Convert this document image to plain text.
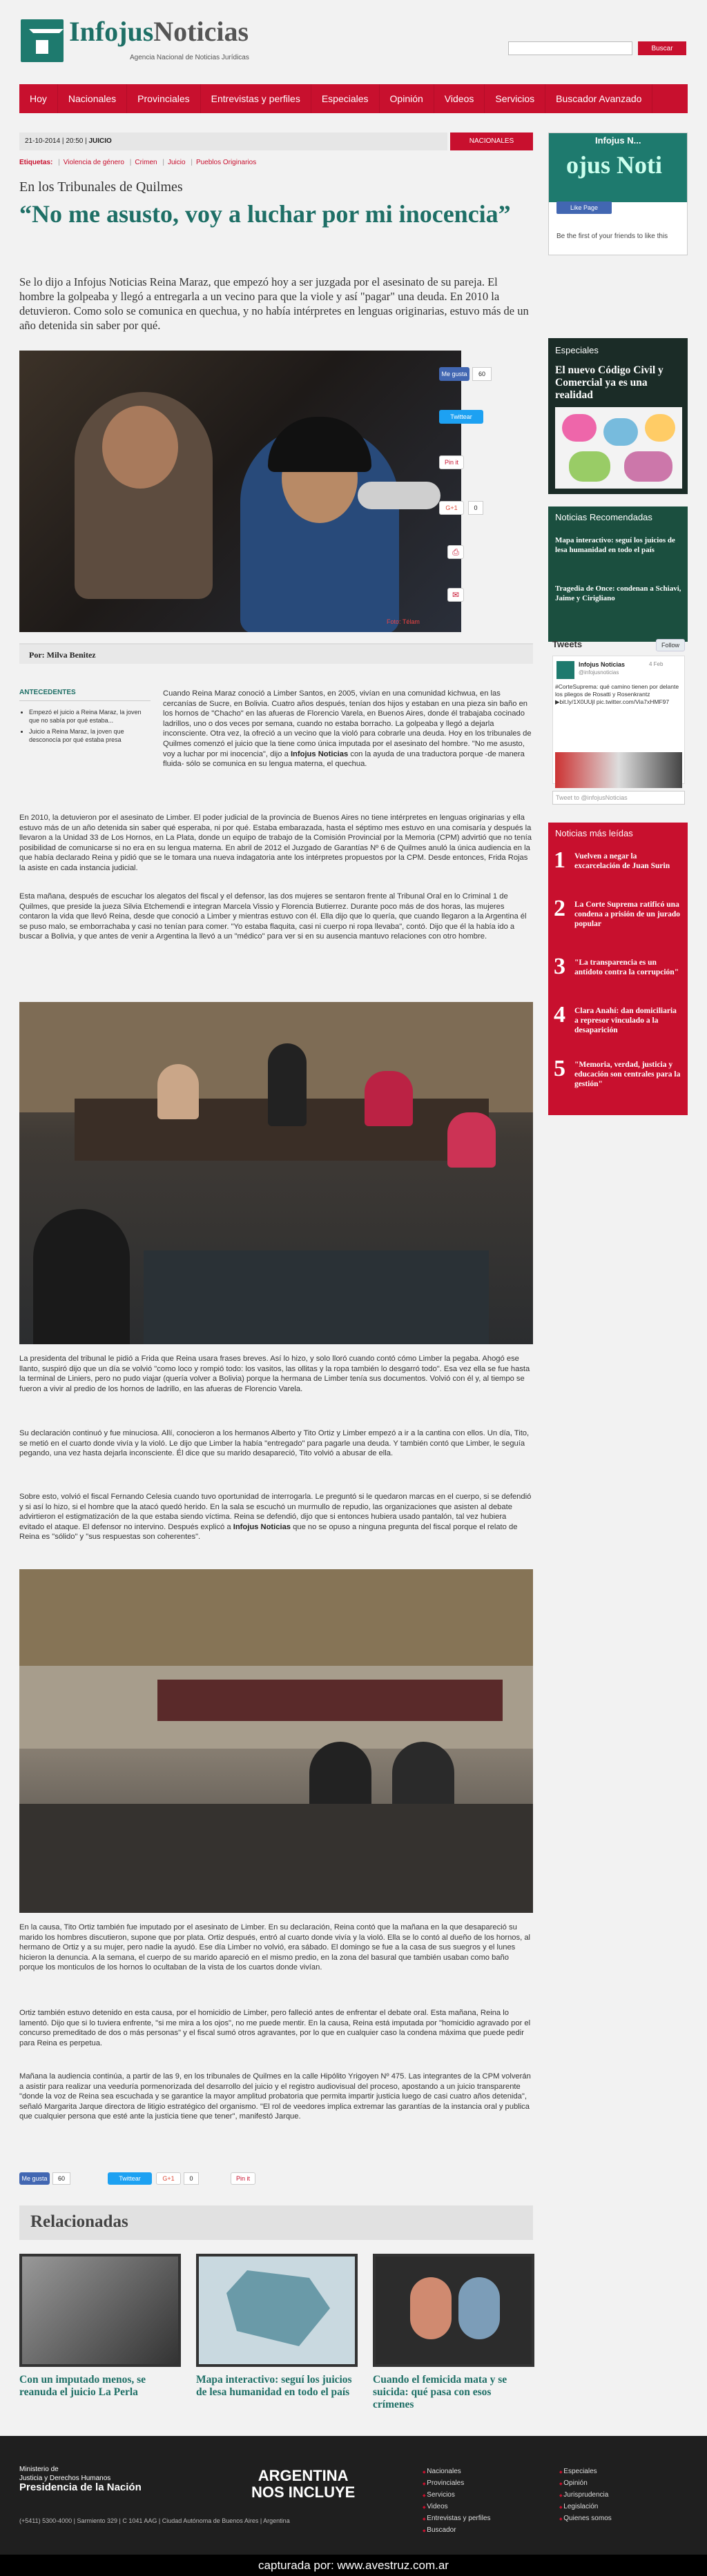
InfojusNoticias
Agencia Nacional de Noticias Jurídicas
Buscar
Hoy	Nacionales	Provinciales	Entrevistas y perfiles	Especiales	Opinión	Videos	Servicios	Buscador Avanzado
21-10-2014 | 20:50 | JUICIO	NACIONALES
Etiquetas: | Violencia de género | Crimen | Juicio | Pueblos Originarios
En los Tribunales de Quilmes
“No me asusto, voy a luchar por mi inocencia”
Se lo dijo a Infojus Noticias Reina Maraz, que empezó hoy a ser juzgada por el asesinato de su pareja. El hombre la golpeaba y llegó a entregarla a un vecino para que la viole y así "pagar" una deuda. En 2010 la detuvieron. Como solo se comunica en quechua, y no había intérpretes en lenguas originarias, estuvo más de un año detenida sin saber por qué.
Foto: Télam
Por: Milva Benitez
Me gusta	60
Twittear
Pin it
G+1	0
⎙
✉
ANTECEDENTES
• Empezó el juicio a Reina Maraz, la joven que no sabía por qué estaba...
• Juicio a Reina Maraz, la joven que desconocía por qué estaba presa
Cuando Reina Maraz conoció a Limber Santos, en 2005, vivían en una comunidad kichwua, en las cercanías de Sucre, en Bolivia. Cuatro años después, tenían dos hijos y estaban en una pieza sin baño en los hornos de "Chacho" en las afueras de Florencio Varela, en Buenos Aires, donde él trabajaba cocinado ladrillos, uno o dos veces por semana, cuando no estaba borracho. La golpeaba y llegó a dejarla inconsciente. Otra vez, la ofreció a un vecino que la violó para cobrarle una deuda. Hoy en los tribunales de Quilmes comenzó el juicio que la tiene como única imputada por el asesinato del hombre. "No me asusto, voy a luchar por mi inocencia", dijo a Infojus Noticias con la ayuda de una traductora porque -de manera fluida- sólo se comunica en su lengua materna, el quechua.
En 2010, la detuvieron por el asesinato de Limber. El poder judicial de la provincia de Buenos Aires no tiene intérpretes en lenguas originarias y ella estuvo más de un año detenida sin saber qué esperaba, ni por qué. Estaba embarazada, hasta el séptimo mes estuvo en una comisaría y después la llevaron a la Unidad 33 de Los Hornos, en La Plata, donde un equipo de trabajo de la Comisión Provincial por la Memoria (CPM) advirtió que no tenía posibilidad de comunicarse si no era en su lengua materna. En abril de 2012 el Juzgado de Garantías Nº 6 de Quilmes anuló la única audiencia en la que había declarado Reina y pidió que se le tomara una nueva indagatoria ante los intérpretes propuestos por la CPM. Desde entonces, Frida Rojas la asiste en cada instancia judicial.
Esta mañana, después de escuchar los alegatos del fiscal y el defensor, las dos mujeres se sentaron frente al Tribunal Oral en lo Criminal 1 de Quilmes, que preside la jueza Silvia Etchemendi e integran Marcela Vissio y Florencia Butierrez. Durante poco más de dos horas, las mujeres contaron la vida que llevó Reina, desde que conoció a Limber y mientras estuvo con él. Ella dijo que lo quería, que cuando llegaron a la Argentina él se puso malo, se emborrachaba y casi no tenían para comer. "Yo estaba flaquita, casi ni cuerpo ni ropa llevaba", contó. Dijo que él la había ido a buscar a Bolivia, y que antes de venir a Argentina la llevó a un "médico" para ver si en su ausencia mantuvo relaciones con otro hombre.
La presidenta del tribunal le pidió a Frida que Reina usara frases breves. Así lo hizo, y solo lloró cuando contó cómo Limber la pegaba. Ahogó ese llanto, suspiró dijo que un día se volvió "como loco y rompió todo: los vasitos, las ollitas y la ropa también lo desgarró todo". Esa vez ella se fue hasta la terminal de Liniers, pero no pudo viajar (quería volver a Bolivia) porque la hermana de Limber tenía sus documentos. Volvió con él y, al tiempo se fueron a vivir al predio de los hornos de ladrillo, en las afueras de Florencio Varela.
Su declaración continuó y fue minuciosa. Allí, conocieron a los hermanos Alberto y Tito Ortiz y Limber empezó a ir a la cantina con ellos. Un día, Tito, se metió en el cuarto donde vivía y la violó. Le dijo que Limber la había "entregado" para pagarle una deuda. Y también contó que Limber, le seguía pegando, una vez hasta dejarla inconsciente. Él dice que su marido desapareció, Tito volvió a abusar de ella.
Sobre esto, volvió el fiscal Fernando Celesia cuando tuvo oportunidad de interrogarla. Le preguntó si le quedaron marcas en el cuerpo, si se defendió y si así lo hizo, si el hombre que la atacó quedó herido. En la sala se escuchó un murmullo de repudio, las organizaciones que asisten al debate advirtieron el estigmatización de la que estaba siendo víctima. Reina se defendió, dijo que si entonces hubiera usado pantalón, tal vez hubiera evitado el ataque. El defensor no intervino. Después explicó a Infojus Noticias que no se opuso a ninguna pregunta del fiscal porque el relato de Reina es "sólido" y "sus respuestas son coherentes".
En la causa, Tito Ortiz también fue imputado por el asesinato de Limber. En su declaración, Reina contó que la mañana en la que desapareció su marido los hombres discutieron, supone que por plata. Ortiz después, entró al cuarto donde vivía y la violó. Ella se lo contó al dueño de los hornos, al hermano de Ortiz y a su mujer, pero nadie la ayudó. Ese día Limber no volvió, era sábado. El domingo se fue a la casa de sus suegros y el lunes hicieron la denuncia. A la semana, el cuerpo de su marido apareció en el mismo predio, en la zona del basural que también usaban como baño porque los monticulos de los hornos lo ocultaban de la vista de los cuartos donde vivían.
Ortiz también estuvo detenido en esta causa, por el homicidio de Limber, pero falleció antes de enfrentar el debate oral. Esta mañana, Reina lo lamentó. Dijo que si lo tuviera enfrente, "si me mira a los ojos", no me puede mentir. En la causa, Reina está imputada por "homicidio agravado por el concurso premeditado de dos o más personas" y el fiscal sumó otros agravantes, por lo que en cualquier caso la condena máxima que puede pedir para Reina es perpetua.
Mañana la audiencia continúa, a partir de las 9, en los tribunales de Quilmes en la calle Hipólito Yrigoyen Nº 475. Las integrantes de la CPM volverán a asistir para realizar una veeduría pormenorizada del desarrollo del juicio y el registro audiovisual del proceso, apostando a un juicio transparente "donde la voz de Reina sea escuchada y se garantice la mayor amplitud probatoria que permita impartir justicia luego de casi cuatro años detenida", señaló Margarita Jarque directora de litigio estratégico del organismo. "El rol de veedores implica extremar las garantías de la instancia oral y publica que cualquier persona que esté ante la justicia tiene que tener", manifestó Jarque.
Me gusta	60	Twittear	G+1	0	Pin it
Relacionadas
Con un imputado menos, se reanuda el juicio La Perla
Mapa interactivo: seguí los juicios de lesa humanidad en todo el país
Cuando el femicida mata y se suicida: qué pasa con esos crímenes
Infojus N...
ojus Noti
Like Page
Be the first of your friends to like this
Especiales
El nuevo Código Civil y Comercial ya es una realidad
Noticias Recomendadas
Mapa interactivo: seguí los juicios de lesa humanidad en todo el país
Tragedia de Once: condenan a Schiavi, Jaime y Cirigliano
Tweets	Follow
Infojus Noticias
@infojusnoticias
4 Feb
#CorteSuprema: qué camino tienen por delante los pliegos de Rosatti y Rosenkrantz ▶bit.ly/1X0UUjl pic.twitter.com/Via7xHMF97
Tweet to @infojusNoticias
Noticias más leídas
1 Vuelven a negar la excarcelación de Juan Surin
2 La Corte Suprema ratificó una condena a prisión de un jurado popular
3 "La transparencia es un antídoto contra la corrupción"
4 Clara Anahí: dan domiciliaria a represor vinculado a la desaparición
5 "Memoria, verdad, justicia y educación son centrales para la gestión"
Ministerio de
Justicia y Derechos Humanos
Presidencia de la Nación
ARGENTINA
NOS INCLUYE
(+5411) 5300-4000 | Sarmiento 329 | C 1041 AAG | Ciudad Autónoma de Buenos Aires | Argentina
◆ Nacionales
◆ Provinciales
◆ Servicios
◆ Videos
◆ Entrevistas y perfiles
◆ Buscador
◆ Especiales
◆ Opinión
◆ Jurisprudencia
◆ Legislación
◆ Quienes somos
capturada por: www.avestruz.com.ar
